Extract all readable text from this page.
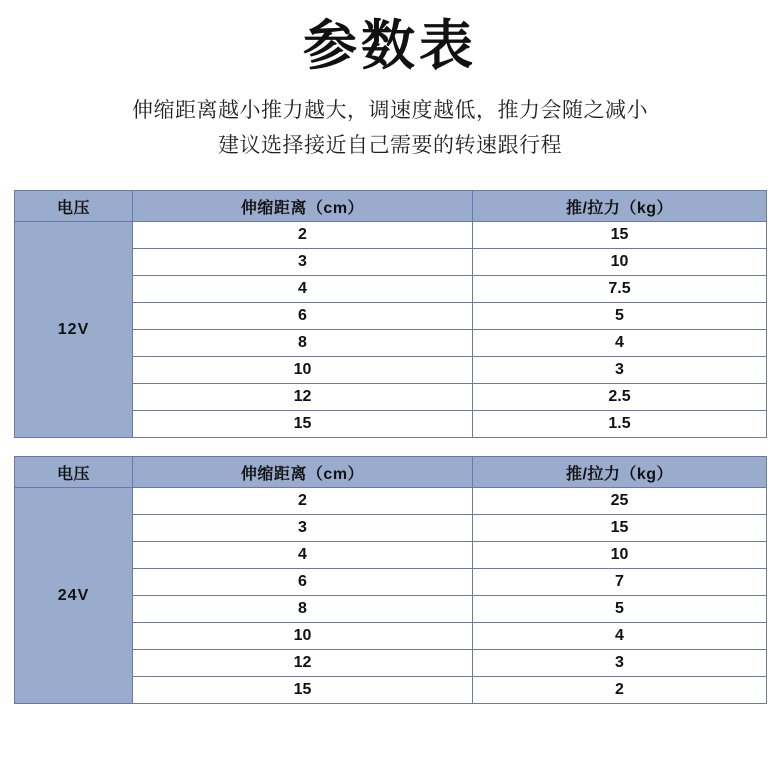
参数表
伸缩距离越小推力越大，调速度越低，推力会随之减小
建议选择接近自己需要的转速跟行程
电压	伸缩距离（cm）	推/拉力（kg）
12V	2	15
	3	10
	4	7.5
	6	5
	8	4
	10	3
	12	2.5
	15	1.5
电压	伸缩距离（cm）	推/拉力（kg）
24V	2	25
	3	15
	4	10
	6	7
	8	5
	10	4
	12	3
	15	2
